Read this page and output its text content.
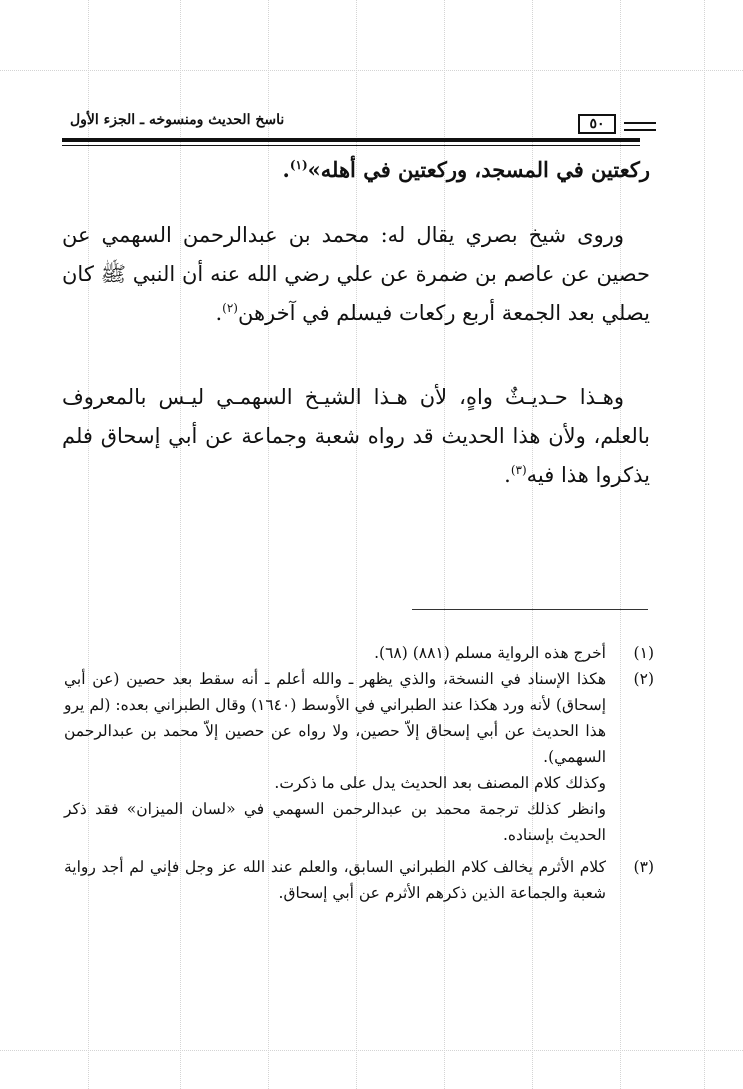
ناسخ الحديث ومنسوخه ـ الجزء الأول	٥٠

ركعتين في المسجد، وركعتين في أهله»$^{(١)}$.

وروى شيخ بصري يقال له: محمد بن عبدالرحمن السهمي عن حصين عن عاصم بن ضمرة عن علي رضي الله عنه أن النبي ﷺ كان يصلي بعد الجمعة أربع ركعات فيسلم في آخرهن$^{(٢)}$.

وهـذا حـديـثٌ واهٍ، لأن هـذا الشيـخ السهمـي ليـس بالمعروف بالعلم، ولأن هذا الحديث قد رواه شعبة وجماعة عن أبي إسحاق فلم يذكروا هذا فيه$^{(٣)}$.

(١)

أخرج هذه الرواية مسلم (٨٨١) (٦٨).

(٢)

هكذا الإسناد في النسخة، والذي يظهر ـ والله أعلم ـ أنه سقط بعد حصين (عن أبي إسحاق) لأنه ورد هكذا عند الطبراني في الأوسط (١٦٤٠) وقال الطبراني بعده: (لم يرو هذا الحديث عن أبي إسحاق إلاّ حصين، ولا رواه عن حصين إلاّ محمد بن عبدالرحمن السهمي).

وكذلك كلام المصنف بعد الحديث يدل على ما ذكرت.

وانظر كذلك ترجمة محمد بن عبدالرحمن السهمي في «لسان الميزان» فقد ذكر الحديث بإسناده.

(٣)

كلام الأثرم يخالف كلام الطبراني السابق، والعلم عند الله عز وجل فإني لم أجد رواية شعبة والجماعة الذين ذكرهم الأثرم عن أبي إسحاق.
